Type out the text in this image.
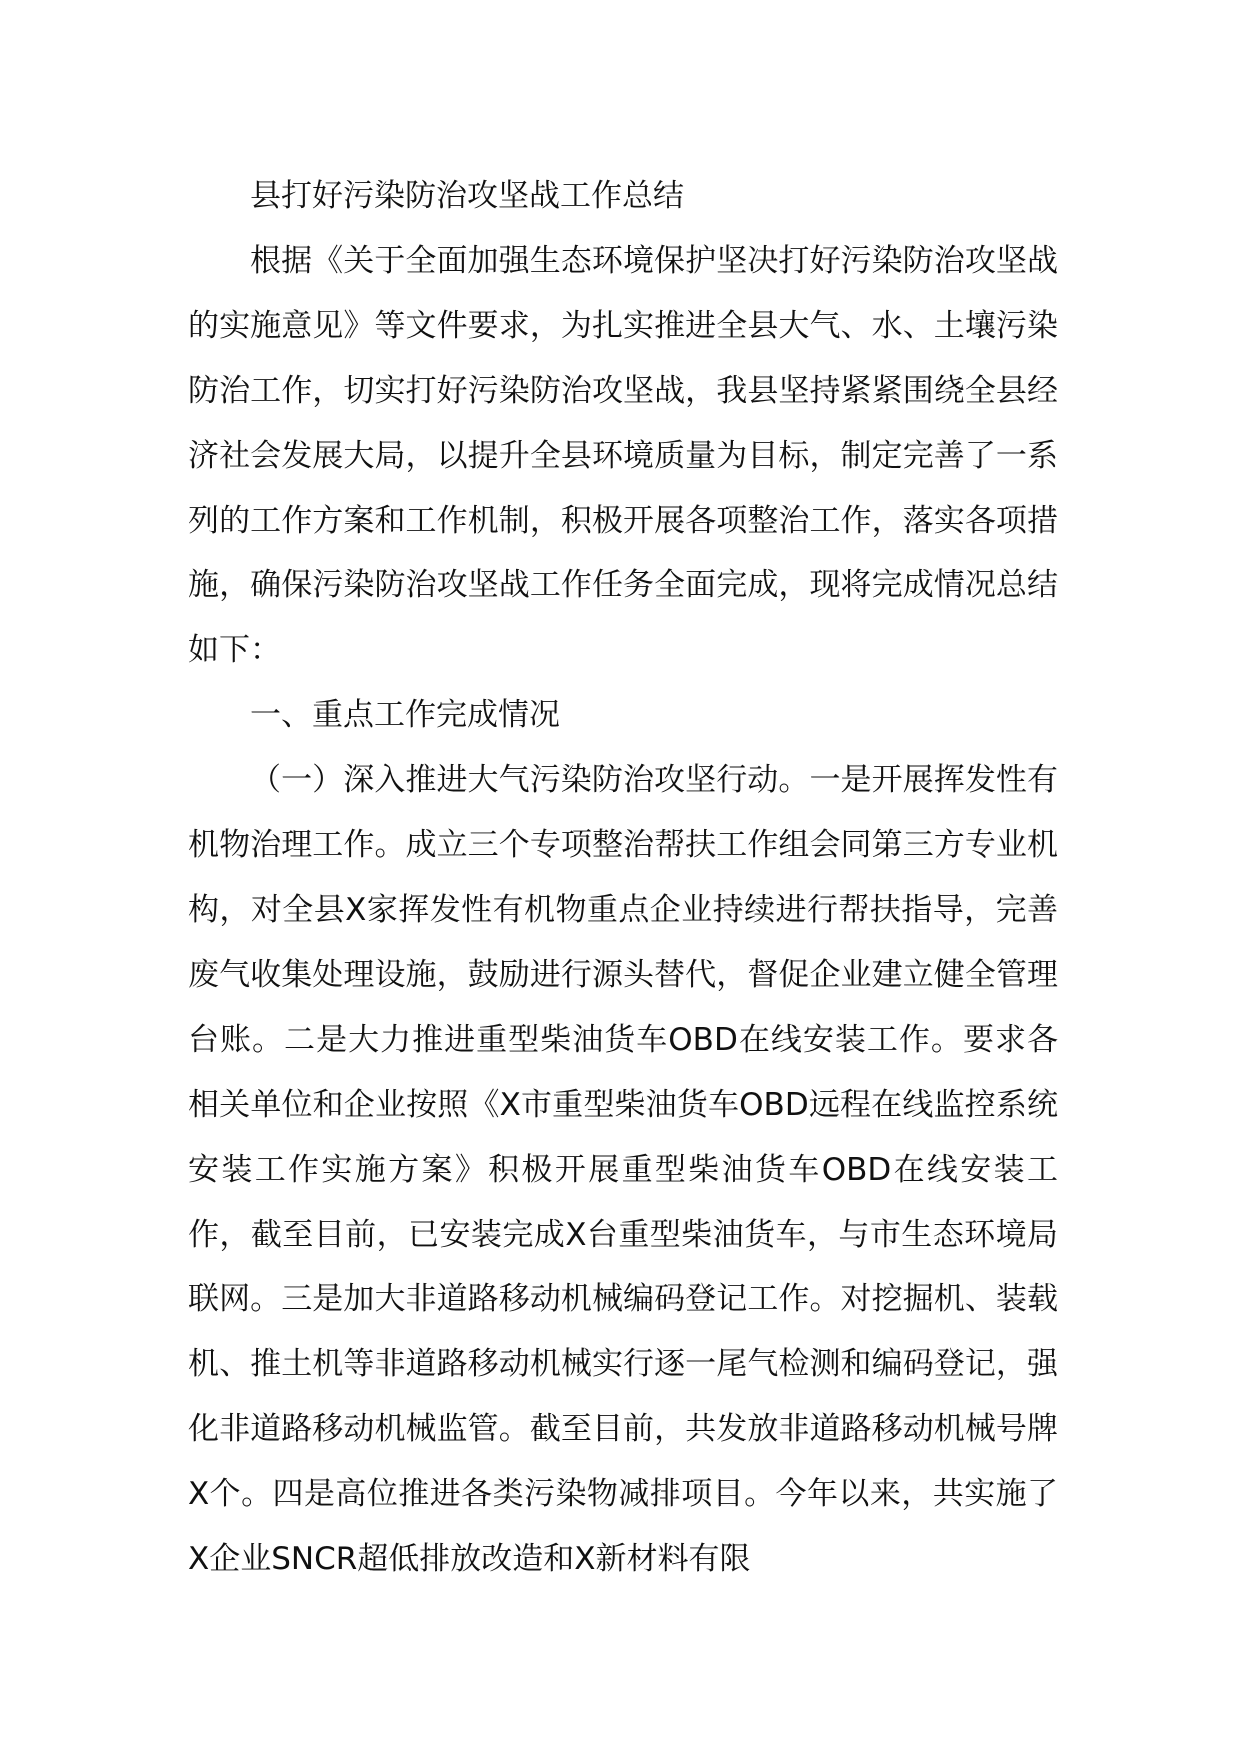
县打好污染防治攻坚战工作总结

根据《关于全面加强生态环境保护坚决打好污染防治攻坚战的实施意见》等文件要求，为扎实推进全县大气、水、土壤污染防治工作，切实打好污染防治攻坚战，我县坚持紧紧围绕全县经济社会发展大局，以提升全县环境质量为目标，制定完善了一系列的工作方案和工作机制，积极开展各项整治工作，落实各项措施，确保污染防治攻坚战工作任务全面完成，现将完成情况总结如下：

一、重点工作完成情况

（一）深入推进大气污染防治攻坚行动。一是开展挥发性有机物治理工作。成立三个专项整治帮扶工作组会同第三方专业机构，对全县X家挥发性有机物重点企业持续进行帮扶指导，完善废气收集处理设施，鼓励进行源头替代，督促企业建立健全管理台账。二是大力推进重型柴油货车OBD在线安装工作。要求各相关单位和企业按照《X市重型柴油货车OBD远程在线监控系统安装工作实施方案》积极开展重型柴油货车OBD在线安装工作，截至目前，已安装完成X台重型柴油货车，与市生态环境局联网。三是加大非道路移动机械编码登记工作。对挖掘机、装载机、推土机等非道路移动机械实行逐一尾气检测和编码登记，强化非道路移动机械监管。截至目前，共发放非道路移动机械号牌X个。四是高位推进各类污染物减排项目。今年以来，共实施了X企业SNCR超低排放改造和X新材料有限
